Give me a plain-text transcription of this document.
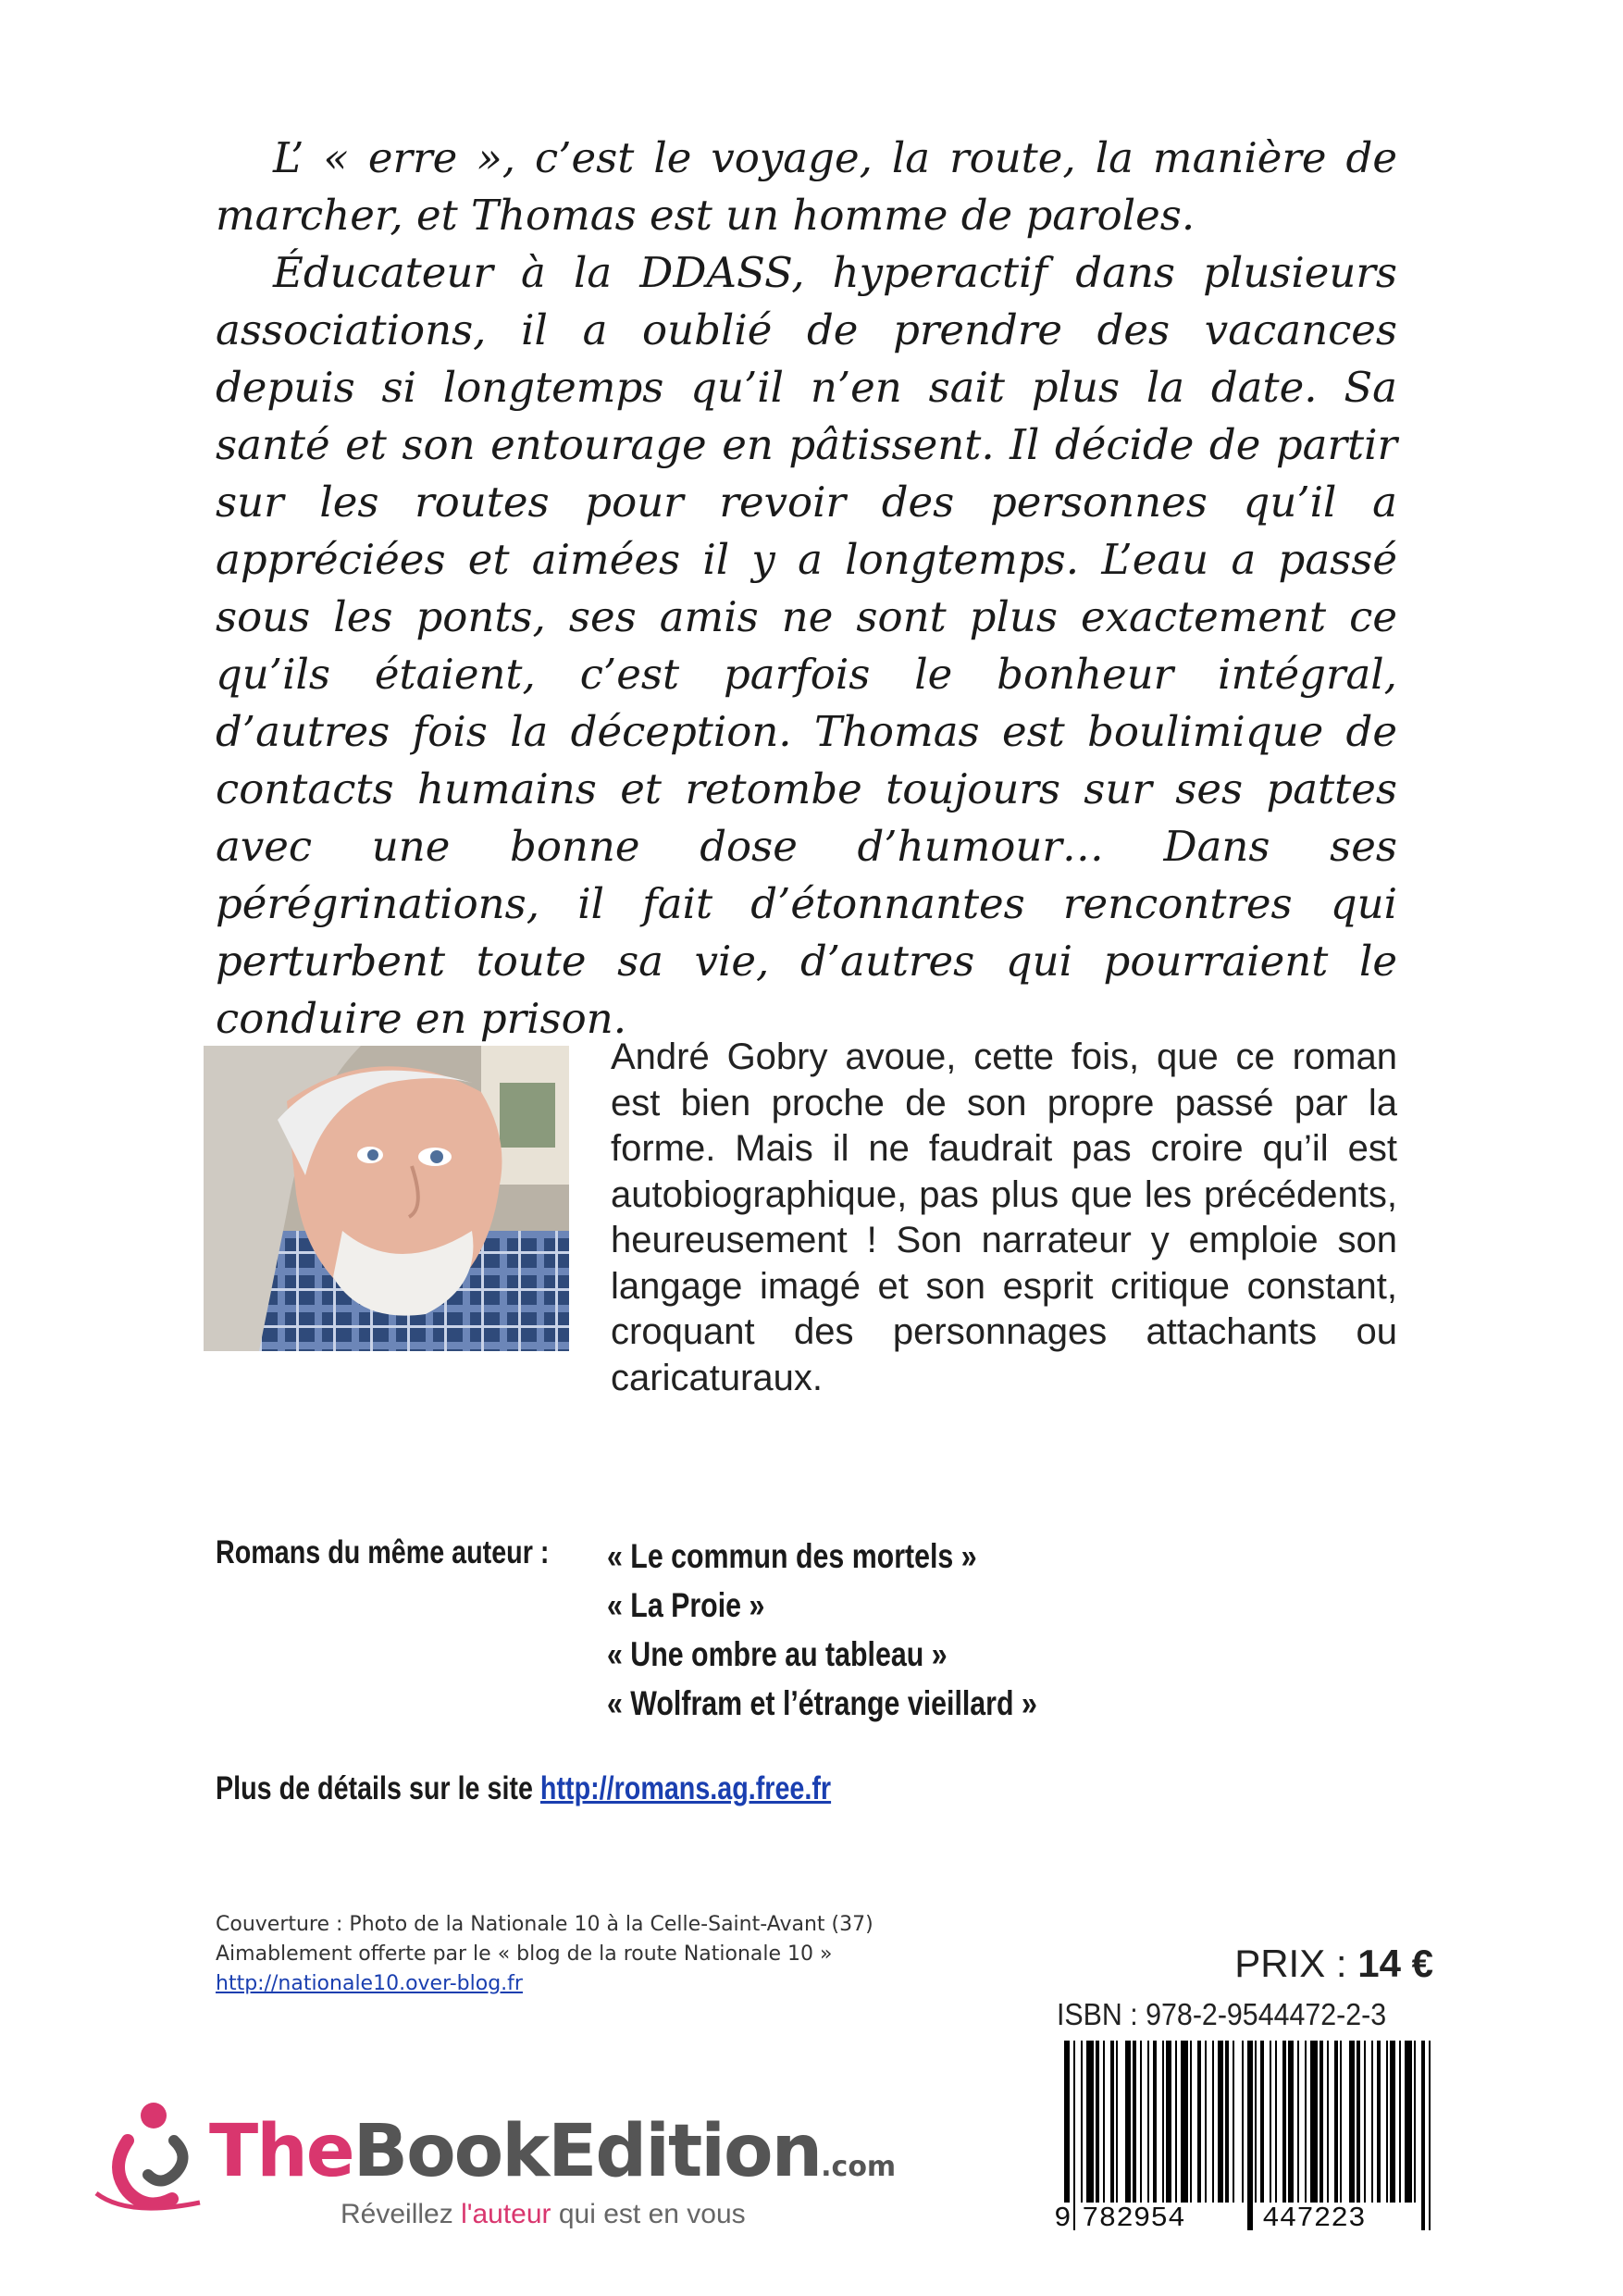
L’ « erre », c’est le voyage, la route, la manière de marcher, et Thomas est un homme de paroles.

Éducateur à la DDASS, hyperactif dans plusieurs associations, il a oublié de prendre des vacances depuis si longtemps qu’il n’en sait plus la date. Sa santé et son entourage en pâtissent. Il décide de partir sur les routes pour revoir des personnes qu’il a appréciées et aimées il y a longtemps. L’eau a passé sous les ponts, ses amis ne sont plus exactement ce qu’ils étaient, c’est parfois le bonheur intégral, d’autres fois la déception. Thomas est boulimique de contacts humains et retombe toujours sur ses pattes avec une bonne dose d’humour… Dans ses pérégrinations, il fait d’étonnantes rencontres qui perturbent toute sa vie, d’autres qui pourraient le conduire en prison.

André Gobry avoue, cette fois, que ce roman est bien proche de son propre passé par la forme. Mais il ne faudrait pas croire qu’il est autobiographique, pas plus que les précédents, heureusement ! Son narrateur y emploie son langage imagé et son esprit critique constant, croquant des personnages attachants ou caricaturaux.

Romans du même auteur : « Le commun des mortels »
« La Proie »
« Une ombre au tableau »
« Wolfram et l’étrange vieillard »
Plus de détails sur le site http://romans.ag.free.fr
Couverture : Photo de la Nationale 10 à la Celle-Saint-Avant (37)
Aimablement offerte par le « blog de la route Nationale 10 »
http://nationale10.over-blog.fr	PRIX : 14 €
ISBN : 978-2-9544472-2-3
9 782954	447223
TheBookEdition.com
Réveillez l'auteur qui est en vous
